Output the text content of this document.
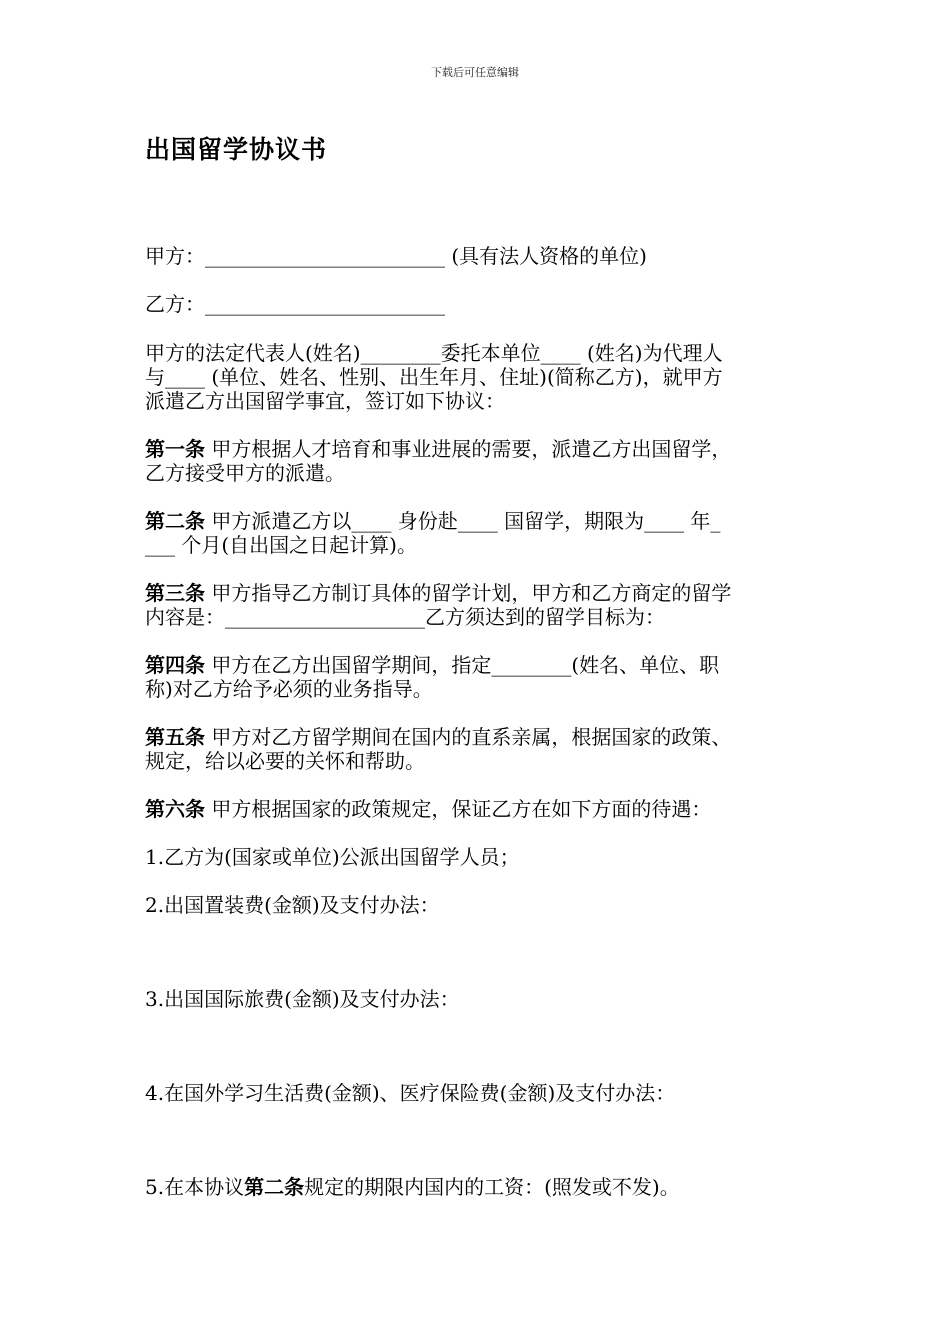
下载后可任意编辑
出国留学协议书

甲方：________________________ (具有法人资格的单位)

乙方：________________________

甲方的法定代表人(姓名)________委托本单位____ (姓名)为代理人

与____ (单位、姓名、性别、出生年月、住址)(简称乙方)，就甲方

派遣乙方出国留学事宜，签订如下协议：

第一条 甲方根据人才培育和事业进展的需要，派遣乙方出国留学，

乙方接受甲方的派遣。

第二条 甲方派遣乙方以____ 身份赴____ 国留学，期限为____ 年_

___ 个月(自出国之日起计算)。

第三条 甲方指导乙方制订具体的留学计划，甲方和乙方商定的留学

内容是：____________________乙方须达到的留学目标为：

第四条 甲方在乙方出国留学期间，指定________(姓名、单位、职

称)对乙方给予必须的业务指导。

第五条 甲方对乙方留学期间在国内的直系亲属，根据国家的政策、

规定，给以必要的关怀和帮助。

第六条 甲方根据国家的政策规定，保证乙方在如下方面的待遇：

1.乙方为(国家或单位)公派出国留学人员；

2.出国置装费(金额)及支付办法：

3.出国国际旅费(金额)及支付办法：

4.在国外学习生活费(金额)、医疗保险费(金额)及支付办法：

5.在本协议第二条规定的期限内国内的工资：(照发或不发)。
